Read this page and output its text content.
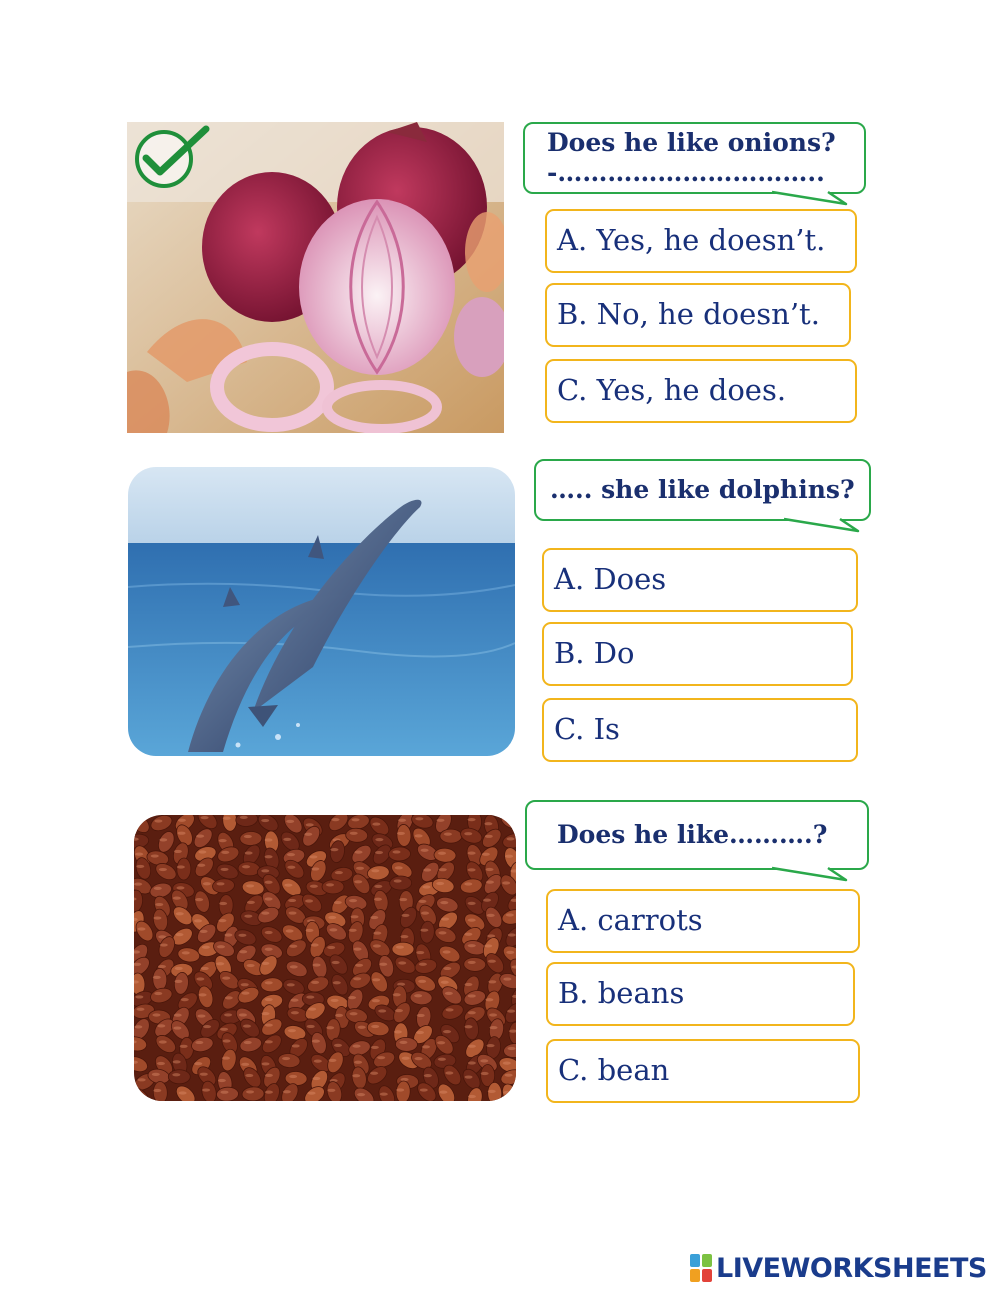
Does he like onions?
-…………………………..
A. Yes, he doesn’t.
B. No, he doesn’t.
C. Yes, he does.
….. she like dolphins?
A. Does
B. Do
C. Is
Does he like……….?
A. carrots
B. beans
C. bean
LIVEWORKSHEETS
